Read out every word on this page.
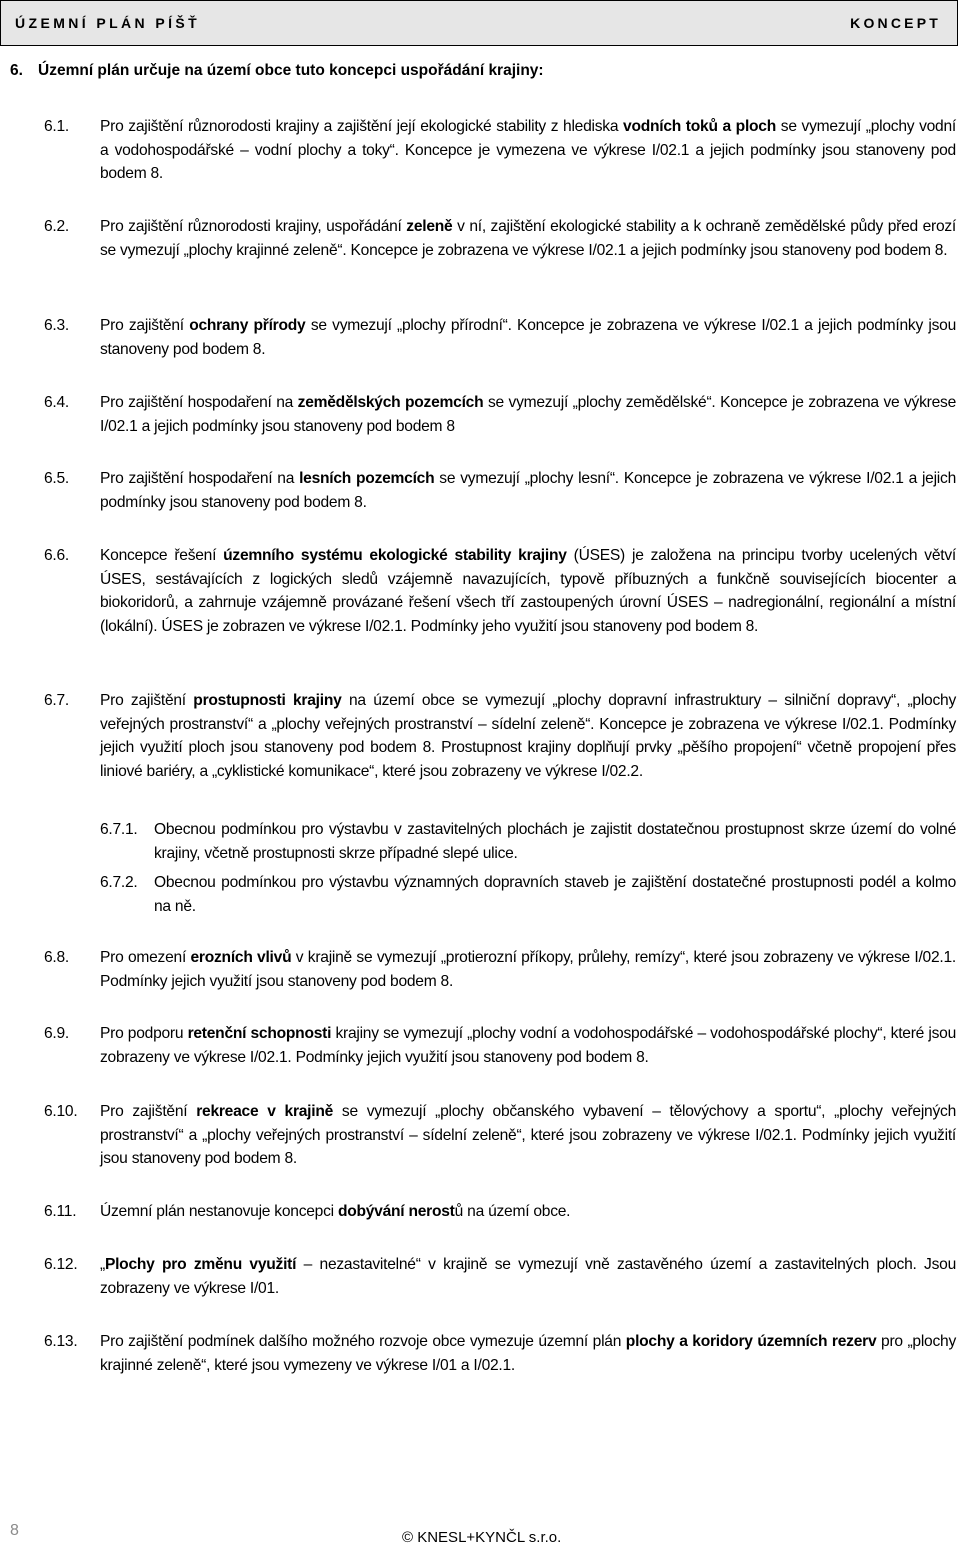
ÚZEMNÍ PLÁN PÍŠŤ	KONCEPT
6. Územní plán určuje na území obce tuto koncepci uspořádání krajiny:
6.1.	Pro zajištění různorodosti krajiny a zajištění její ekologické stability z hlediska vodních toků a ploch se vymezují „plochy vodní a vodohospodářské – vodní plochy a toky“. Koncepce je vymezena ve výkrese I/02.1 a jejich podmínky jsou stanoveny pod bodem 8.
6.2.	Pro zajištění různorodosti krajiny, uspořádání zeleně v ní, zajištění ekologické stability a k ochraně zemědělské půdy před erozí se vymezují „plochy krajinné zeleně“. Koncepce je zobrazena ve výkrese I/02.1 a jejich podmínky jsou stanoveny pod bodem 8.
6.3.	Pro zajištění ochrany přírody se vymezují „plochy přírodní“. Koncepce je zobrazena ve výkrese I/02.1 a jejich podmínky jsou stanoveny pod bodem 8.
6.4.	Pro zajištění hospodaření na zemědělských pozemcích se vymezují „plochy zemědělské“. Koncepce je zobrazena ve výkrese I/02.1 a jejich podmínky jsou stanoveny pod bodem 8
6.5.	Pro zajištění hospodaření na lesních pozemcích se vymezují „plochy lesní“. Koncepce je zobrazena ve výkrese I/02.1 a jejich podmínky jsou stanoveny pod bodem 8.
6.6.	Koncepce řešení územního systému ekologické stability krajiny (ÚSES) je založena na principu tvorby ucelených větví ÚSES, sestávajících z logických sledů vzájemně navazujících, typově příbuzných a funkčně souvisejících biocenter a biokoridorů, a zahrnuje vzájemně provázané řešení všech tří zastoupených úrovní ÚSES – nadregionální, regionální a místní (lokální). ÚSES je zobrazen ve výkrese I/02.1. Podmínky jeho využití jsou stanoveny pod bodem 8.
6.7.	Pro zajištění prostupnosti krajiny na území obce se vymezují „plochy dopravní infrastruktury – silniční dopravy“, „plochy veřejných prostranství“ a „plochy veřejných prostranství – sídelní zeleně“. Koncepce je zobrazena ve výkrese I/02.1. Podmínky jejich využití ploch jsou stanoveny pod bodem 8. Prostupnost krajiny doplňují prvky „pěšího propojení“ včetně propojení přes liniové bariéry, a „cyklistické komunikace“, které jsou zobrazeny ve výkrese I/02.2.
6.7.1.	Obecnou podmínkou pro výstavbu v zastavitelných plochách je zajistit dostatečnou prostupnost skrze území do volné krajiny, včetně prostupnosti skrze případné slepé ulice.
6.7.2.	Obecnou podmínkou pro výstavbu významných dopravních staveb je zajištění dostatečné prostupnosti podél a kolmo na ně.
6.8.	Pro omezení erozních vlivů v krajině se vymezují „protierozní příkopy, průlehy, remízy“, které jsou zobrazeny ve výkrese I/02.1. Podmínky jejich využití jsou stanoveny pod bodem 8.
6.9.	Pro podporu retenční schopnosti krajiny se vymezují „plochy vodní a vodohospodářské – vodohospodářské plochy“, které jsou zobrazeny ve výkrese I/02.1. Podmínky jejich využití jsou stanoveny pod bodem 8.
6.10.	Pro zajištění rekreace v krajině se vymezují „plochy občanského vybavení – tělovýchovy a sportu“, „plochy veřejných prostranství“ a „plochy veřejných prostranství – sídelní zeleně“, které jsou zobrazeny ve výkrese I/02.1. Podmínky jejich využití jsou stanoveny pod bodem 8.
6.11.	Územní plán nestanovuje koncepci dobývání nerostů na území obce.
6.12.	„Plochy pro změnu využití – nezastavitelné“ v krajině se vymezují vně zastavěného území a zastavitelných ploch. Jsou zobrazeny ve výkrese I/01.
6.13.	Pro zajištění podmínek dalšího možného rozvoje obce vymezuje územní plán plochy a koridory územních rezerv pro „plochy krajinné zeleně“, které jsou vymezeny ve výkrese I/01 a I/02.1.
8	© KNESL+KYNČL s.r.o.
